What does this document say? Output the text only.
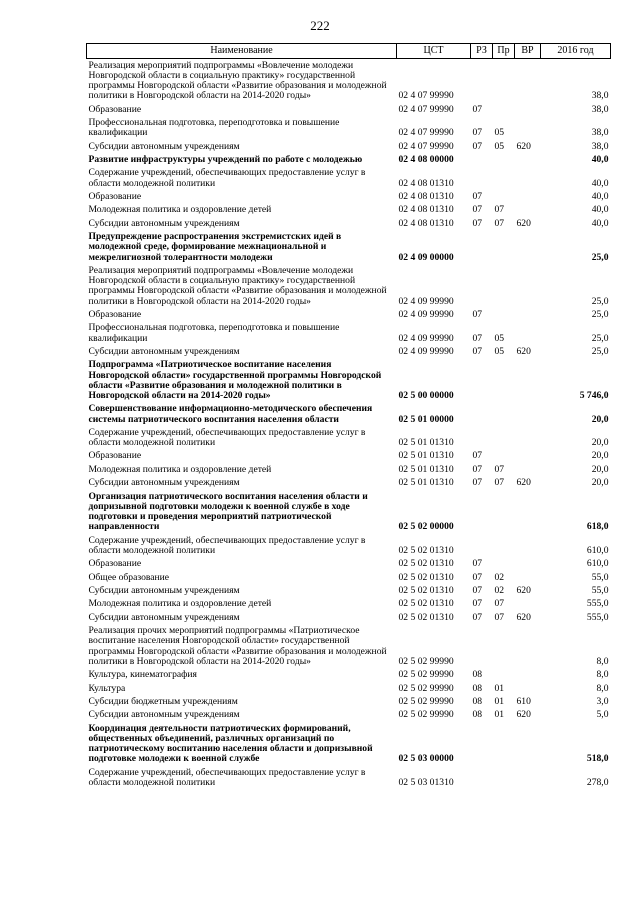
222
Наименование	ЦСТ	РЗ	Пр	ВР	2016 год
Реализация мероприятий подпрограммы «Вовлечение молодежи Новгородской области в социальную практику» государственной программы Новгородской области «Развитие образования и молодежной политики в Новгородской области на 2014-2020 годы»	02 4 07 99990				38,0
Образование	02 4 07 99990	07			38,0
Профессиональная подготовка, переподготовка и повышение квалификации	02 4 07 99990	07	05		38,0
Субсидии автономным учреждениям	02 4 07 99990	07	05	620	38,0
Развитие инфраструктуры учреждений по работе с молодежью	02 4 08 00000				40,0
Содержание учреждений, обеспечивающих предоставление услуг в области молодежной политики	02 4 08 01310				40,0
Образование	02 4 08 01310	07			40,0
Молодежная политика и оздоровление детей	02 4 08 01310	07	07		40,0
Субсидии автономным учреждениям	02 4 08 01310	07	07	620	40,0
Предупреждение распространения экстремистских идей в молодежной среде, формирование межнациональной и межрелигиозной толерантности молодежи	02 4 09 00000				25,0
Реализация мероприятий подпрограммы «Вовлечение молодежи Новгородской области в социальную практику» государственной программы Новгородской области «Развитие образования и молодежной политики в Новгородской области на 2014-2020 годы»	02 4 09 99990				25,0
Образование	02 4 09 99990	07			25,0
Профессиональная подготовка, переподготовка и повышение квалификации	02 4 09 99990	07	05		25,0
Субсидии автономным учреждениям	02 4 09 99990	07	05	620	25,0
Подпрограмма «Патриотическое воспитание населения Новгородской области» государственной программы Новгородской области «Развитие образования и молодежной политики в Новгородской области на 2014-2020 годы»	02 5 00 00000				5 746,0
Совершенствование информационно-методического обеспечения системы патриотического воспитания населения области	02 5 01 00000				20,0
Содержание учреждений, обеспечивающих предоставление услуг в области молодежной политики	02 5 01 01310				20,0
Образование	02 5 01 01310	07			20,0
Молодежная политика и оздоровление детей	02 5 01 01310	07	07		20,0
Субсидии автономным учреждениям	02 5 01 01310	07	07	620	20,0
Организация патриотического воспитания населения области и допризывной подготовки молодежи к военной службе в ходе подготовки и проведения мероприятий патриотической направленности	02 5 02 00000				618,0
Содержание учреждений, обеспечивающих предоставление услуг в области молодежной политики	02 5 02 01310				610,0
Образование	02 5 02 01310	07			610,0
Общее образование	02 5 02 01310	07	02		55,0
Субсидии автономным учреждениям	02 5 02 01310	07	02	620	55,0
Молодежная политика и оздоровление детей	02 5 02 01310	07	07		555,0
Субсидии автономным учреждениям	02 5 02 01310	07	07	620	555,0
Реализация прочих мероприятий подпрограммы «Патриотическое воспитание населения Новгородской области» государственной программы Новгородской области «Развитие образования и молодежной политики в Новгородской области на 2014-2020 годы»	02 5 02 99990				8,0
Культура, кинематография	02 5 02 99990	08			8,0
Культура	02 5 02 99990	08	01		8,0
Субсидии бюджетным учреждениям	02 5 02 99990	08	01	610	3,0
Субсидии автономным учреждениям	02 5 02 99990	08	01	620	5,0
Координация деятельности патриотических формирований, общественных объединений, различных организаций по патриотическому воспитанию населения области и допризывной подготовке молодежи к военной службе	02 5 03 00000				518,0
Содержание учреждений, обеспечивающих предоставление услуг в области молодежной политики	02 5 03 01310				278,0
